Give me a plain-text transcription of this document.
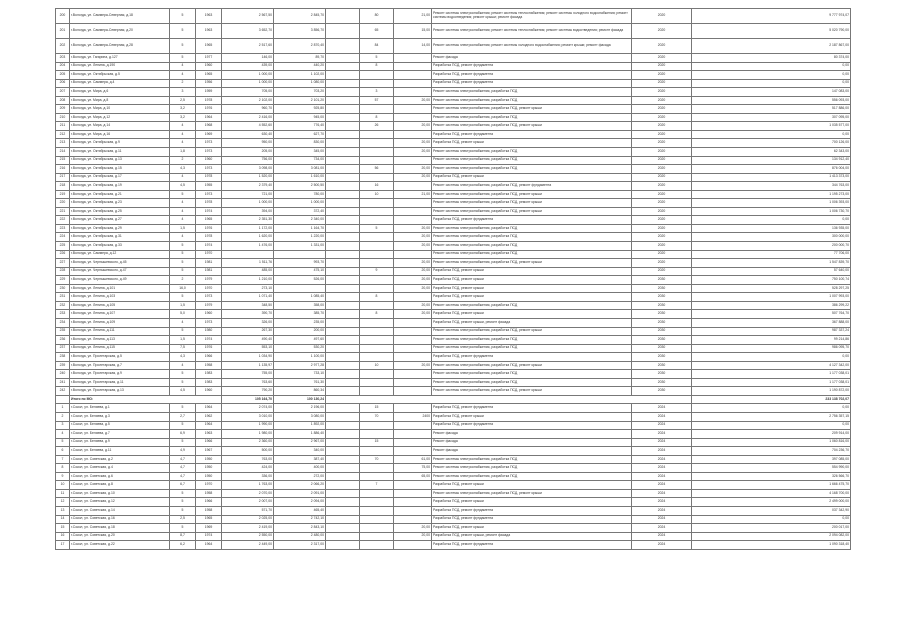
200	г.Вологда, ул. Саммера-Северная, д.18	5	1963	2 567,50	2 845,70		80	21,00	Ремонт системы электроснабжения; ремонт системы теплоснабжения; ремонт системы холодного водоснабжения; ремонт системы водоотведения; ремонт крыши; ремонт фасада	2020	9 777 974,07
201	г.Вологда, ул. Саммера-Северная, д.20	5	1963	3 652,70	3 856,70		65	15,00	Ремонт системы электроснабжения; ремонт системы теплоснабжения; ремонт системы водоотведения; ремонт фасада	2020	5 020 790,00
202	г.Вологда, ул. Саммера-Северная, д.28	5	1965	2 517,60	2 870,40		84	14,00	Ремонт системы электроснабжения; ремонт системы холодного водоснабжения; ремонт крыши; ремонт фасада	2020	2 187 867,00
203	г.Вологда, ул. Гагарина, д.127	5	1977	146,00	89,70		5		Ремонт фасада	2020	80 374,00
204	г.Вологда, ул. Ленина, д.190	4	1960	439,00	440,20		8		Разработка ПСД, ремонт фундамента	2020	0,00
205	г.Вологда, ул. Октябрьская, д.5	4	1965	1 000,00	1 102,00				Разработка ПСД, ремонт фундамента	2020	0,00
206	г.Вологда, ул. Саммера, д.4	2	1956	1 000,00	1 080,00				Разработка ПСД, ремонт фундамента	2020	0,00
207	г.Вологда, ул. Мира, д.6	3	1959	705,00	703,20		3		Ремонт системы электроснабжения, разработка ПСД	2020	147 083,00
208	г.Вологда, ул. Мира, д.8	2,5	1978	2 102,00	2 101,20		57	20,00	Ремонт системы электроснабжения, разработка ПСД	2020	556 093,00
209	г.Вологда, ул. Мира, д.10	3,2	1976	960,70	925,80				Ремонт системы электроснабжения, разработка ПСД, ремонт крыши	2020	517 886,00
210	г.Вологда, ул. Мира, д.12	3,2	1964	2 416,00	945,00		8		Ремонт системы электроснабжения, разработка ПСД	2020	307 095,00
211	г.Вологда, ул. Мира, д.14	4	1968	4 552,60	776,40		26	20,00	Ремонт системы электроснабжения, разработка ПСД, ремонт крыши	2020	1 035 577,00
212	г.Вологда, ул. Мира, д.16	4	1969	630,40	627,70				Разработка ПСД, ремонт фундамента	2020	0,00
213	г.Вологда, ул. Октябрьская, д.9	4	1973	950,00	830,00			20,00	Разработка ПСД, ремонт крыши	2020	700 126,00
214	г.Вологда, ул. Октябрьская, д.11	1,8	1973	205,00	345,00			20,00	Ремонт системы электроснабжения, разработка ПСД	2020	62 343,00
215	г.Вологда, ул. Октябрьская, д.13	2	1960	756,00	734,00				Ремонт системы электроснабжения, разработка ПСД	2020	134 912,40
216	г.Вологда, ул. Октябрьская, д.15	4,3	1973	3 098,00	3 081,00		56	20,00	Ремонт системы электроснабжения, разработка ПСД	2020	876 004,00
217	г.Вологда, ул. Октябрьская, д.17	4	1978	1 520,00	1 610,00			20,00	Разработка ПСД, ремонт крыши	2020	1 413 373,00
218	г.Вологда, ул. Октябрьская, д.19	4,5	1955	2 379,40	2 500,50		16		Ремонт системы электроснабжения, разработка ПСД, ремонт фундамента	2020	344 763,00
219	г.Вологда, ул. Октябрьская, д.21	5	1973	721,00	780,00		10	21,00	Ремонт системы электроснабжения, разработка ПСД, ремонт крыши	2020	1 195 273,00
220	г.Вологда, ул. Октябрьская, д.23	4	1978	1 000,00	1 000,00				Ремонт системы электроснабжения, разработка ПСД, ремонт крыши	2020	1 006 393,00
221	г.Вологда, ул. Октябрьская, д.25	4	1974	394,00	372,40				Ремонт системы электроснабжения, разработка ПСД, ремонт крыши	2020	1 006 730,70
222	г.Вологда, ул. Октябрьская, д.27	4	1965	2 351,30	2 340,00				Разработка ПСД, ремонт фундамента	2020	0,00
223	г.Вологда, ул. Октябрьская, д.29	1,5	1976	1 172,00	1 164,70		5	20,00	Ремонт системы электроснабжения, разработка ПСД	2020	136 935,00
224	г.Вологда, ул. Октябрьская, д.31	4	1978	1 620,00	1 220,00			20,00	Ремонт системы электроснабжения, разработка ПСД	2020	300 000,00
225	г.Вологда, ул. Октябрьская, д.33	5	1974	1 476,00	1 331,00			20,00	Ремонт системы электроснабжения, разработка ПСД	2020	200 000,70
226	г.Вологда, ул. Саммера, д.12	5	1970						Ремонт системы электроснабжения, разработка ПСД	2020	77 706,00
227	г.Вологда, ул. Чернышевского, д.45	5	1981	1 511,76	993,70			20,00	Ремонт системы электроснабжения, разработка ПСД, ремонт крыши	2020	1 547 839,70
228	г.Вологда, ул. Чернышевского, д.47	5	1981	485,00	475,10		9	20,00	Разработка ПСД, ремонт крыши	2020	57 640,00
229	г.Вологда, ул. Чернышевского, д.49	2	1979	1 210,00	526,00			20,00	Разработка ПСД, ремонт крыши	2030	750 100,74
230	г.Вологда, ул. Ленина, д.101	16,0	1970	273,10				20,00	Разработка ПСД, ремонт крыши	2030	528 297,25
231	г.Вологда, ул. Ленина, д.103	5	1973	1 071,40	1 085,40		8		Разработка ПСД, ремонт крыши	2030	1 007 993,00
232	г.Вологда, ул. Ленина, д.105	1,5	1979	348,50	358,00			20,00	Ремонт системы электроснабжения, разработка ПСД	2030	386 299,22
233	г.Вологда, ул. Ленина, д.107	5,0	1960	390,70	385,70		8	20,00	Разработка ПСД, ремонт крыши	2030	507 764,70
234	г.Вологда, ул. Ленина, д.109	4	1973	326,00	235,00				Разработка ПСД, ремонт крыши, ремонт фасада	2030	367 888,00
235	г.Вологда, ул. Ленина, д.111	5	1980	267,30	200,00				Ремонт системы электроснабжения, разработка ПСД, ремонт крыши	2030	987 337,24
236	г.Вологда, ул. Ленина, д.113	1,5	1974	490,40	497,60				Ремонт системы электроснабжения, разработка ПСД	2030	99 214,86
237	г.Вологда, ул. Ленина, д.115	7,5	1976	553,10	530,20				Ремонт системы электроснабжения, разработка ПСД	2030	986 095,70
238	г.Вологда, ул. Пролетарская, д.5	4,3	1966	1 034,90	1 100,00				Разработка ПСД, ремонт фундамента	2030	0,00
239	г.Вологда, ул. Пролетарская, д.7	4	1958	1 135,97	2 977,28		10	20,00	Ремонт системы электроснабжения, разработка ПСД, ремонт крыши	2030	4 127 342,00
240	г.Вологда, ул. Пролетарская, д.9	5	1983	755,00	733,10				Ремонт системы электроснабжения, разработка ПСД	2030	1 177 038,01
241	г.Вологда, ул. Пролетарская, д.11	5	1983	763,60	761,30				Ремонт системы электроснабжения, разработка ПСД	2030	1 177 038,01
242	г.Вологда, ул. Пролетарская, д.13	4,5	1960	790,20	860,34				Ремонт системы электроснабжения, разработка ПСД, ремонт крыши	2030	1 190 872,00
	Итого по МО:			105 164,70	100 130,24						233 138 702,07
1	г.Сокол, ул. Беляева, д.1	5	1964	2 074,00	2 196,00		15		Разработка ПСД, ремонт фундамента	2024	0,00
2	г.Сокол, ул. Беляева, д.3	2,7	1962	3 010,00	3 080,00		70	2400	Разработка ПСД, ремонт крыши	2024	2 756 357,15
3	г.Сокол, ул. Беляева, д.5	5	1964	1 990,00	1 892,00				Разработка ПСД, ремонт фундамента	2024	0,00
4	г.Сокол, ул. Беляева, д.7	6,9	1963	1 980,00	1 886,40				Ремонт фасада	2024	209 914,00
5	г.Сокол, ул. Беляева, д.9	5	1966	2 360,00	2 967,00		15		Ремонт фасада	2024	1 060 816,00
6	г.Сокол, ул. Беляева, д.11	4,9	1967	500,00	340,00				Ремонт фасада	2024	704 236,70
7	г.Сокол, ул. Советская, д.2	4,7	1950	763,00	387,40		70	61,00	Ремонт системы электроснабжения, разработка ПСД	2024	397 085,00
8	г.Сокол, ул. Советская, д.4	4,7	1950	424,00	400,00			75,00	Ремонт системы электроснабжения, разработка ПСД	2024	554 990,00
9	г.Сокол, ул. Советская, д.6	4,7	1950	336,00	272,00			65,00	Ремонт системы электроснабжения, разработка ПСД	2024	326 566,70
10	г.Сокол, ул. Советская, д.8	6,7	1970	1 763,00	2 066,20		7		Разработка ПСД, ремонт крыши	2024	1 666 475,70
11	г.Сокол, ул. Советская, д.10	5	1958	2 070,00	2 091,00				Ремонт системы электроснабжения, разработка ПСД, ремонт крыши	2024	4 168 700,00
12	г.Сокол, ул. Советская, д.12	5	1966	2 007,00	2 094,00				Разработка ПСД, ремонт крыши	2024	2 499 000,00
13	г.Сокол, ул. Советская, д.14	5	1958	571,70	465,40				Разработка ПСД, ремонт фундамента	2024	037 342,90
14	г.Сокол, ул. Советская, д.16	2,5	1965	2 025,00	2 742,10				Разработка ПСД, ремонт фундамента	2024	0,00
15	г.Сокол, ул. Советская, д.18	5	1969	2 419,00	2 843,10			20,00	Разработка ПСД, ремонт крыши	2024	200 017,00
16	г.Сокол, ул. Советская, д.20	8,7	1974	2 550,00	2 480,00			20,00	Разработка ПСД, ремонт крыши, ремонт фасада	2024	2 094 082,00
17	г.Сокол, ул. Советская, д.22	6,2	1964	2 449,00	2 317,00				Разработка ПСД, ремонт фундамента	2024	1 090 318,40
